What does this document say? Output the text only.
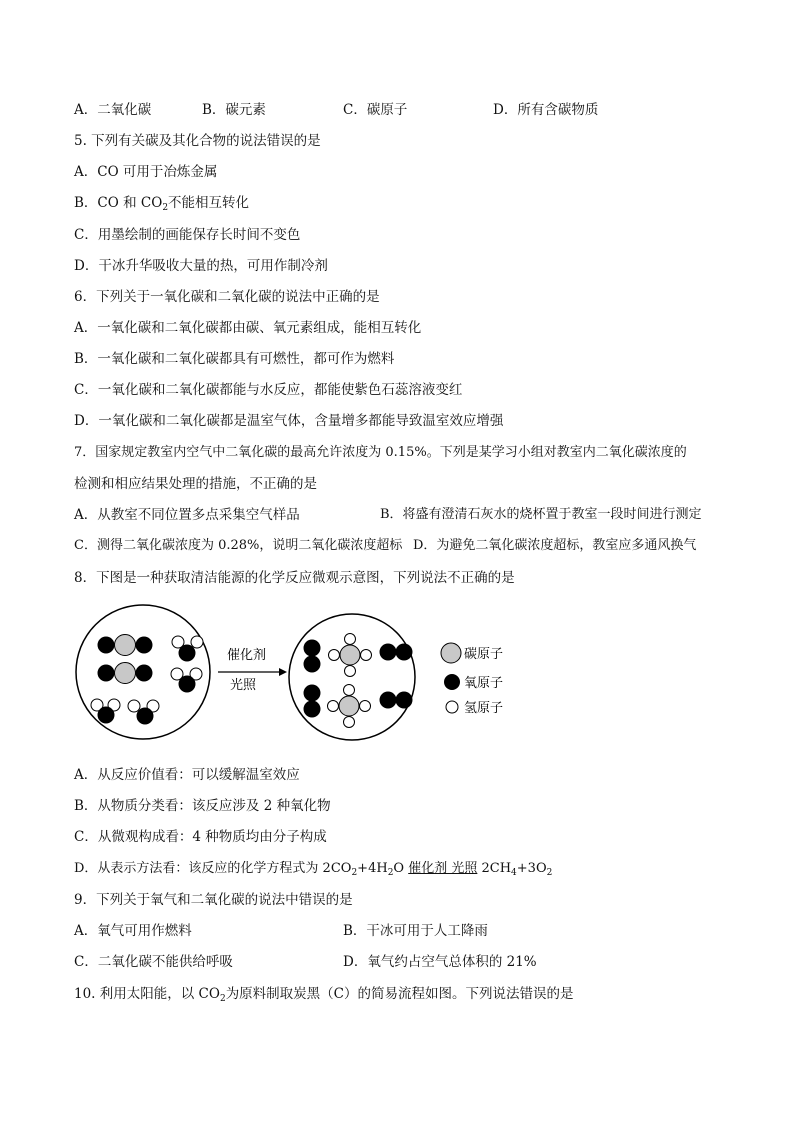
A．二氧化碳	B．碳元素	C．碳原子	D．所有含碳物质
5. 下列有关碳及其化合物的说法错误的是
A．CO 可用于冶炼金属
B．CO 和 $CO_2$不能相互转化
C．用墨绘制的画能保存长时间不变色
D．干冰升华吸收大量的热，可用作制冷剂
6．下列关于一氧化碳和二氧化碳的说法中正确的是
A．一氧化碳和二氧化碳都由碳、氧元素组成，能相互转化
B．一氧化碳和二氧化碳都具有可燃性，都可作为燃料
C．一氧化碳和二氧化碳都能与水反应，都能使紫色石蕊溶液变红
D．一氧化碳和二氧化碳都是温室气体，含量增多都能导致温室效应增强
7．国家规定教室内空气中二氧化碳的最高允许浓度为 0.15%。下列是某学习小组对教室内二氧化碳浓度的
检测和相应结果处理的措施，不正确的是
A．从教室不同位置多点采集空气样品	B．将盛有澄清石灰水的烧杯置于教室一段时间进行测定
C．测得二氧化碳浓度为 0.28%，说明二氧化碳浓度超标 D．为避免二氧化碳浓度超标，教室应多通风换气
8．下图是一种获取清洁能源的化学反应微观示意图，下列说法不正确的是
催化剂
光照
碳原子
氧原子
氢原子
A．从反应价值看：可以缓解温室效应
B．从物质分类看：该反应涉及 2 种氧化物
C．从微观构成看：4 种物质均由分子构成
D．从表示方法看：该反应的化学方程式为 $2CO_2+4H_2O$ 催化剂 光照 $2CH_4+3O_2$
9．下列关于氧气和二氧化碳的说法中错误的是
A．氧气可用作燃料	B．干冰可用于人工降雨
C．二氧化碳不能供给呼吸	D．氧气约占空气总体积的 21%
10. 利用太阳能，以 $CO_2$为原料制取炭黑（C）的简易流程如图。下列说法错误的是
